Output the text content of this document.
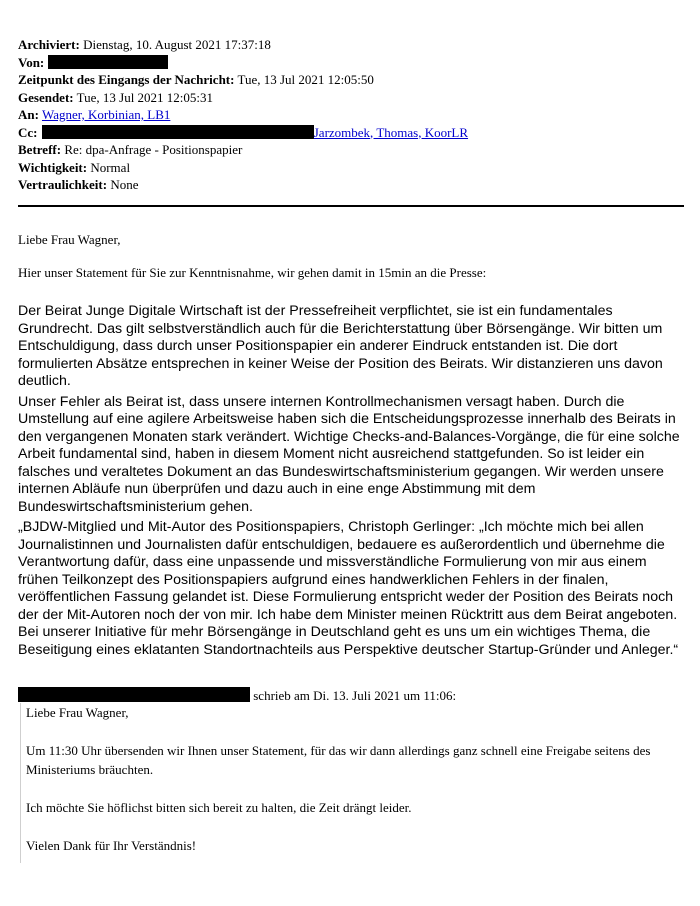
Archiviert: Dienstag, 10. August 2021 17:37:18
Von:
Zeitpunkt des Eingangs der Nachricht: Tue, 13 Jul 2021 12:05:50
Gesendet: Tue, 13 Jul 2021 12:05:31
An: Wagner, Korbinian, LB1
Cc:	Jarzombek, Thomas, KoorLR
Betreff: Re: dpa-Anfrage - Positionspapier
Wichtigkeit: Normal
Vertraulichkeit: None
Liebe Frau Wagner,
Hier unser Statement für Sie zur Kenntnisnahme, wir gehen damit in 15min an die Presse:

Der Beirat Junge Digitale Wirtschaft ist der Pressefreiheit verpflichtet, sie ist ein fundamentales Grundrecht. Das gilt selbstverständlich auch für die Berichterstattung über Börsengänge. Wir bitten um Entschuldigung, dass durch unser Positionspapier ein anderer Eindruck entstanden ist. Die dort formulierten Absätze entsprechen in keiner Weise der Position des Beirats. Wir distanzieren uns davon deutlich.

Unser Fehler als Beirat ist, dass unsere internen Kontrollmechanismen versagt haben. Durch die Umstellung auf eine agilere Arbeitsweise haben sich die Entscheidungsprozesse innerhalb des Beirats in den vergangenen Monaten stark verändert. Wichtige Checks-and-Balances-Vorgänge, die für eine solche Arbeit fundamental sind, haben in diesem Moment nicht ausreichend stattgefunden. So ist leider ein falsches und veraltetes Dokument an das Bundeswirtschaftsministerium gegangen. Wir werden unsere internen Abläufe nun überprüfen und dazu auch in eine enge Abstimmung mit dem Bundeswirtschaftsministerium gehen.

„BJDW-Mitglied und Mit-Autor des Positionspapiers, Christoph Gerlinger: „Ich möchte mich bei allen Journalistinnen und Journalisten dafür entschuldigen, bedauere es außerordentlich und übernehme die Verantwortung dafür, dass eine unpassende und missverständliche Formulierung von mir aus einem frühen Teilkonzept des Positionspapiers aufgrund eines handwerklichen Fehlers in der finalen, veröffentlichen Fassung gelandet ist. Diese Formulierung entspricht weder der Position des Beirats noch der der Mit-Autoren noch der von mir. Ich habe dem Minister meinen Rücktritt aus dem Beirat angeboten. Bei unserer Initiative für mehr Börsengänge in Deutschland geht es uns um ein wichtiges Thema, die Beseitigung eines eklatanten Standortnachteils aus Perspektive deutscher Startup-Gründer und Anleger.“

schrieb am Di. 13. Juli 2021 um 11:06:

Liebe Frau Wagner,

Um 11:30 Uhr übersenden wir Ihnen unser Statement, für das wir dann allerdings ganz schnell eine Freigabe seitens des Ministeriums bräuchten.

Ich möchte Sie höflichst bitten sich bereit zu halten, die Zeit drängt leider.

Vielen Dank für Ihr Verständnis!
